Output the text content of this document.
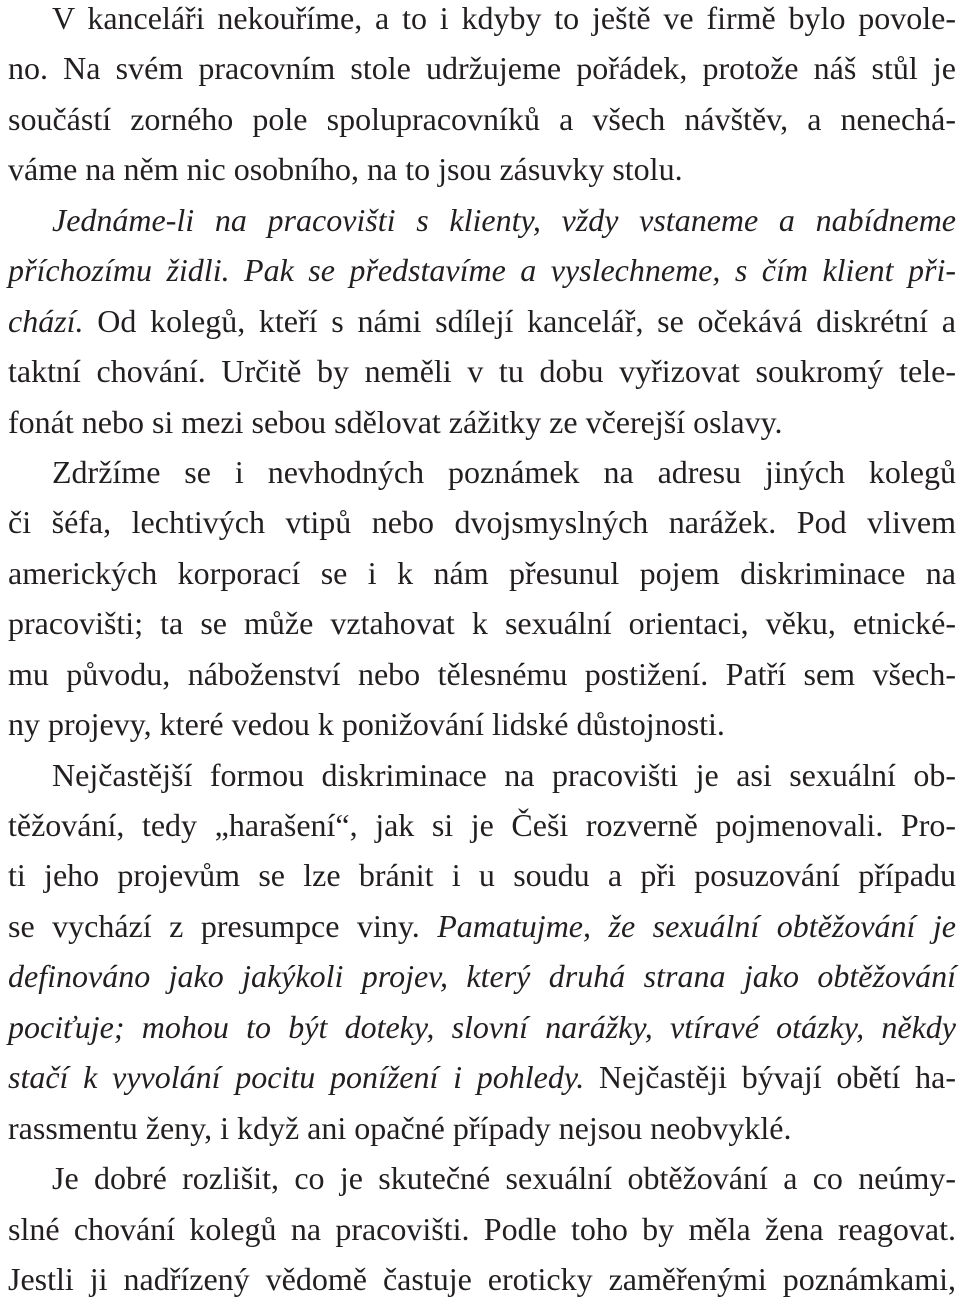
V kanceláři nekouříme, a to i kdyby to ještě ve firmě bylo povole-
no. Na svém pracovním stole udržujeme pořádek, protože náš stůl je
součástí zorného pole spolupracovníků a všech návštěv, a nenechá-
váme na něm nic osobního, na to jsou zásuvky stolu.
Jednáme-li na pracovišti s klienty, vždy vstaneme a nabídneme
příchozímu židli. Pak se představíme a vyslechneme, s čím klient při-
chází. Od kolegů, kteří s námi sdílejí kancelář, se očekává diskrétní a
taktní chování. Určitě by neměli v tu dobu vyřizovat soukromý tele-
fonát nebo si mezi sebou sdělovat zážitky ze včerejší oslavy.
Zdržíme se i nevhodných poznámek na adresu jiných kolegů
či šéfa, lechtivých vtipů nebo dvojsmyslných narážek. Pod vlivem
amerických korporací se i k nám přesunul pojem diskriminace na
pracovišti; ta se může vztahovat k sexuální orientaci, věku, etnické-
mu původu, náboženství nebo tělesnému postižení. Patří sem všech-
ny projevy, které vedou k ponižování lidské důstojnosti.
Nejčastější formou diskriminace na pracovišti je asi sexuální ob-
těžování, tedy „harašení“, jak si je Češi rozverně pojmenovali. Pro-
ti jeho projevům se lze bránit i u soudu a při posuzování případu
se vychází z presumpce viny. Pamatujme, že sexuální obtěžování je
definováno jako jakýkoli projev, který druhá strana jako obtěžování
pociťuje; mohou to být doteky, slovní narážky, vtíravé otázky, někdy
stačí k vyvolání pocitu ponížení i pohledy. Nejčastěji bývají obětí ha-
rassmentu ženy, i když ani opačné případy nejsou neobvyklé.
Je dobré rozlišit, co je skutečné sexuální obtěžování a co neúmy-
slné chování kolegů na pracovišti. Podle toho by měla žena reagovat.
Jestli ji nadřízený vědomě častuje eroticky zaměřenými poznámkami,
